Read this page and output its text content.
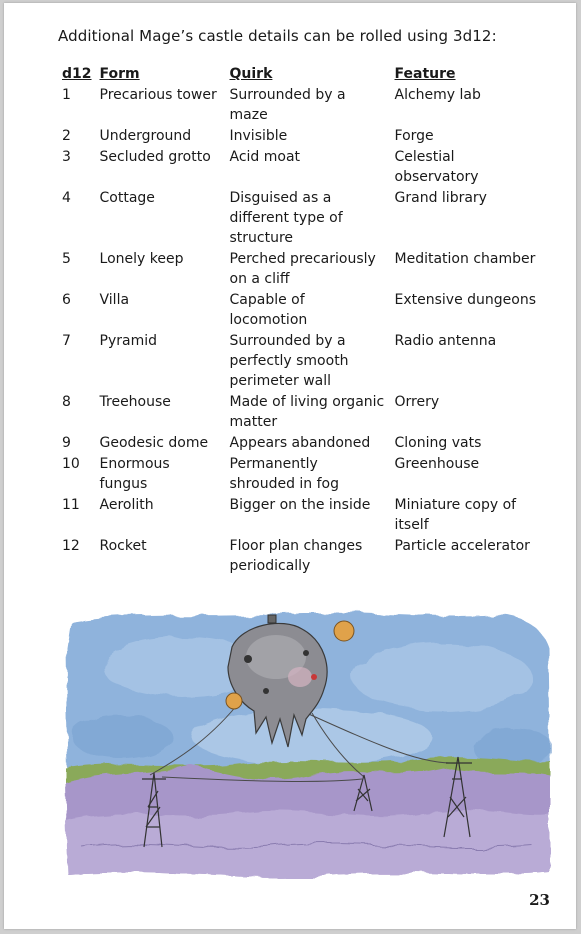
Additional Mage’s castle details can be rolled using 3d12:
d12	Form	Quirk	Feature
1	Precarious tower	Surrounded by a maze	Alchemy lab
2	Underground	Invisible	Forge
3	Secluded grotto	Acid moat	Celestial observatory
4	Cottage	Disguised as a different type of structure	Grand library
5	Lonely keep	Perched precariously on a cliff	Meditation chamber
6	Villa	Capable of locomotion	Extensive dungeons
7	Pyramid	Surrounded by a perfectly smooth perimeter wall	Radio antenna
8	Treehouse	Made of living organic matter	Orrery
9	Geodesic dome	Appears abandoned	Cloning vats
10	Enormous fungus	Permanently shrouded in fog	Greenhouse
11	Aerolith	Bigger on the inside	Miniature copy of itself
12	Rocket	Floor plan changes periodically	Particle accelerator
23
